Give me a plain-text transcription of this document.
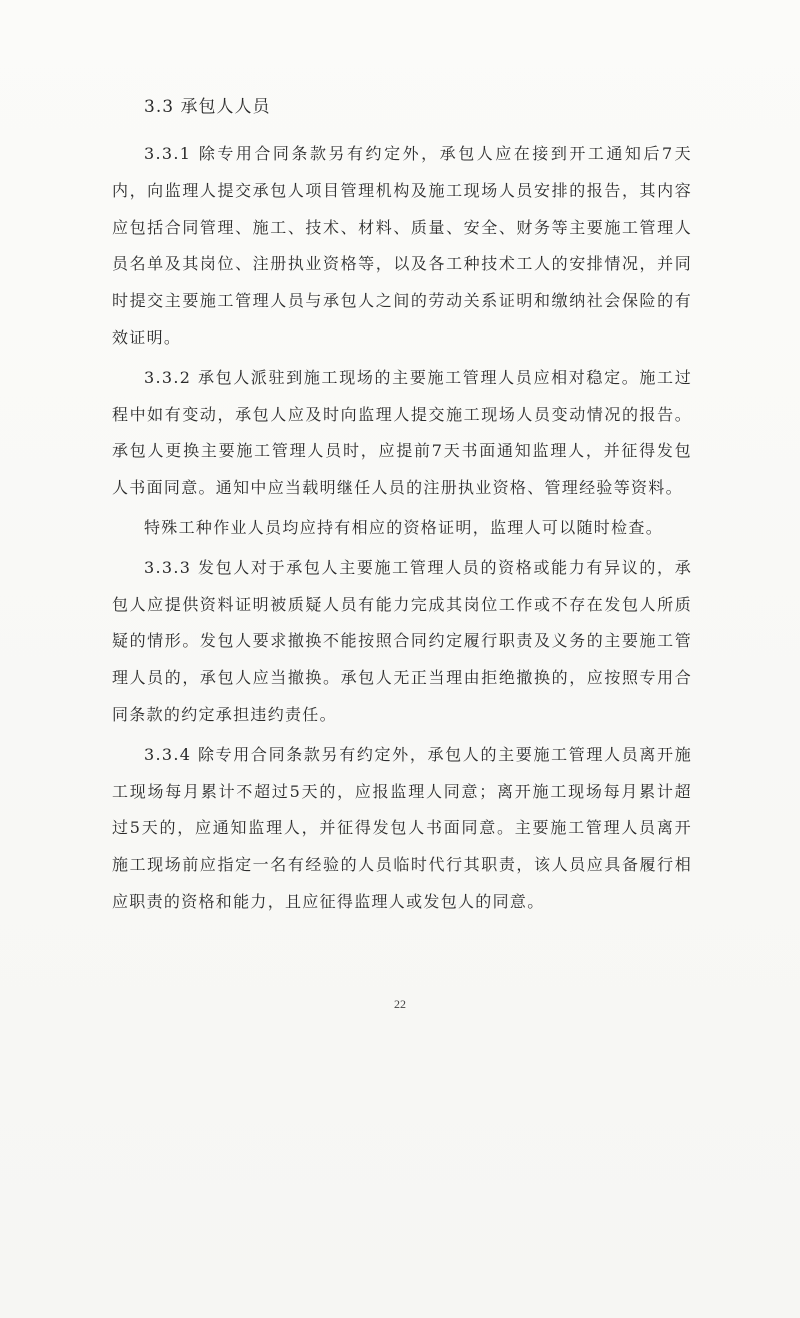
3.3 承包人人员

3.3.1 除专用合同条款另有约定外，承包人应在接到开工通知后7天内，向监理人提交承包人项目管理机构及施工现场人员安排的报告，其内容应包括合同管理、施工、技术、材料、质量、安全、财务等主要施工管理人员名单及其岗位、注册执业资格等，以及各工种技术工人的安排情况，并同时提交主要施工管理人员与承包人之间的劳动关系证明和缴纳社会保险的有效证明。

3.3.2 承包人派驻到施工现场的主要施工管理人员应相对稳定。施工过程中如有变动，承包人应及时向监理人提交施工现场人员变动情况的报告。承包人更换主要施工管理人员时，应提前7天书面通知监理人，并征得发包人书面同意。通知中应当载明继任人员的注册执业资格、管理经验等资料。

特殊工种作业人员均应持有相应的资格证明，监理人可以随时检查。

3.3.3 发包人对于承包人主要施工管理人员的资格或能力有异议的，承包人应提供资料证明被质疑人员有能力完成其岗位工作或不存在发包人所质疑的情形。发包人要求撤换不能按照合同约定履行职责及义务的主要施工管理人员的，承包人应当撤换。承包人无正当理由拒绝撤换的，应按照专用合同条款的约定承担违约责任。

3.3.4 除专用合同条款另有约定外，承包人的主要施工管理人员离开施工现场每月累计不超过5天的，应报监理人同意；离开施工现场每月累计超过5天的，应通知监理人，并征得发包人书面同意。主要施工管理人员离开施工现场前应指定一名有经验的人员临时代行其职责，该人员应具备履行相应职责的资格和能力，且应征得监理人或发包人的同意。

22
